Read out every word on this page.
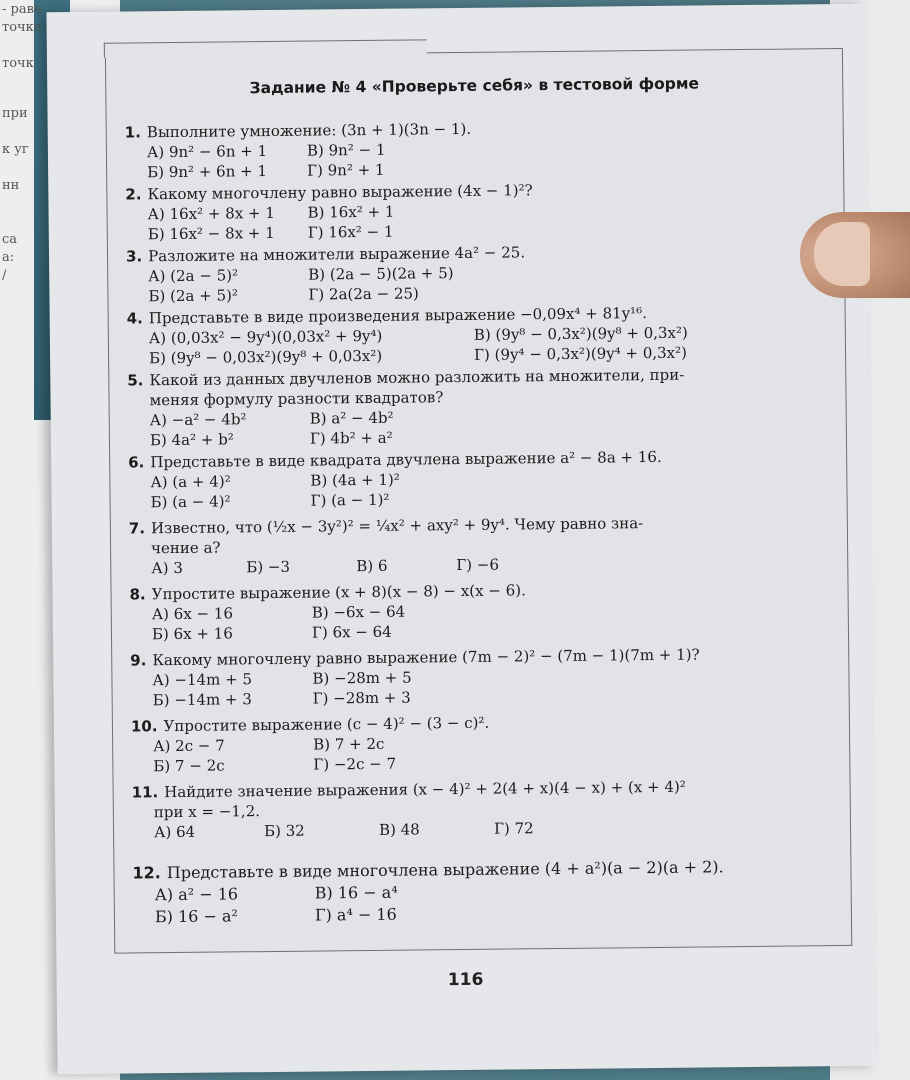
- равн
точке
точк
при
к уг
нн
са
а:
/
Задание № 4 «Проверьте себя» в тестовой форме
1. Выполните умножение: (3n + 1)(3n − 1).
А) 9n² − 6n + 1	В) 9n² − 1
Б) 9n² + 6n + 1	Г) 9n² + 1
2. Какому многочлену равно выражение (4x − 1)²?
А) 16x² + 8x + 1	В) 16x² + 1
Б) 16x² − 8x + 1	Г) 16x² − 1
3. Разложите на множители выражение 4a² − 25.
А) (2a − 5)²	В) (2a − 5)(2a + 5)
Б) (2a + 5)²	Г) 2a(2a − 25)
4. Представьте в виде произведения выражение −0,09x⁴ + 81y¹⁶.
А) (0,03x² − 9y⁴)(0,03x² + 9y⁴)	В) (9y⁸ − 0,3x²)(9y⁸ + 0,3x²)
Б) (9y⁸ − 0,03x²)(9y⁸ + 0,03x²)	Г) (9y⁴ − 0,3x²)(9y⁴ + 0,3x²)
5. Какой из данных двучленов можно разложить на множители, при-
меняя формулу разности квадратов?
А) −a² − 4b²	В) a² − 4b²
Б) 4a² + b²	Г) 4b² + a²
6. Представьте в виде квадрата двучлена выражение a² − 8a + 16.
А) (a + 4)²	В) (4a + 1)²
Б) (a − 4)²	Г) (a − 1)²
7. Известно, что (½x − 3y²)² = ¼x² + axy² + 9y⁴. Чему равно зна-
чение a?
А) 3	Б) −3	В) 6	Г) −6
8. Упростите выражение (x + 8)(x − 8) − x(x − 6).
А) 6x − 16	В) −6x − 64
Б) 6x + 16	Г) 6x − 64
9. Какому многочлену равно выражение (7m − 2)² − (7m − 1)(7m + 1)?
А) −14m + 5	В) −28m + 5
Б) −14m + 3	Г) −28m + 3
10. Упростите выражение (c − 4)² − (3 − c)².
А) 2c − 7	В) 7 + 2c
Б) 7 − 2c	Г) −2c − 7
11. Найдите значение выражения (x − 4)² + 2(4 + x)(4 − x) + (x + 4)²
при x = −1,2.
А) 64	Б) 32	В) 48	Г) 72
12. Представьте в виде многочлена выражение (4 + a²)(a − 2)(a + 2).
А) a² − 16	В) 16 − a⁴
Б) 16 − a²	Г) a⁴ − 16
116
